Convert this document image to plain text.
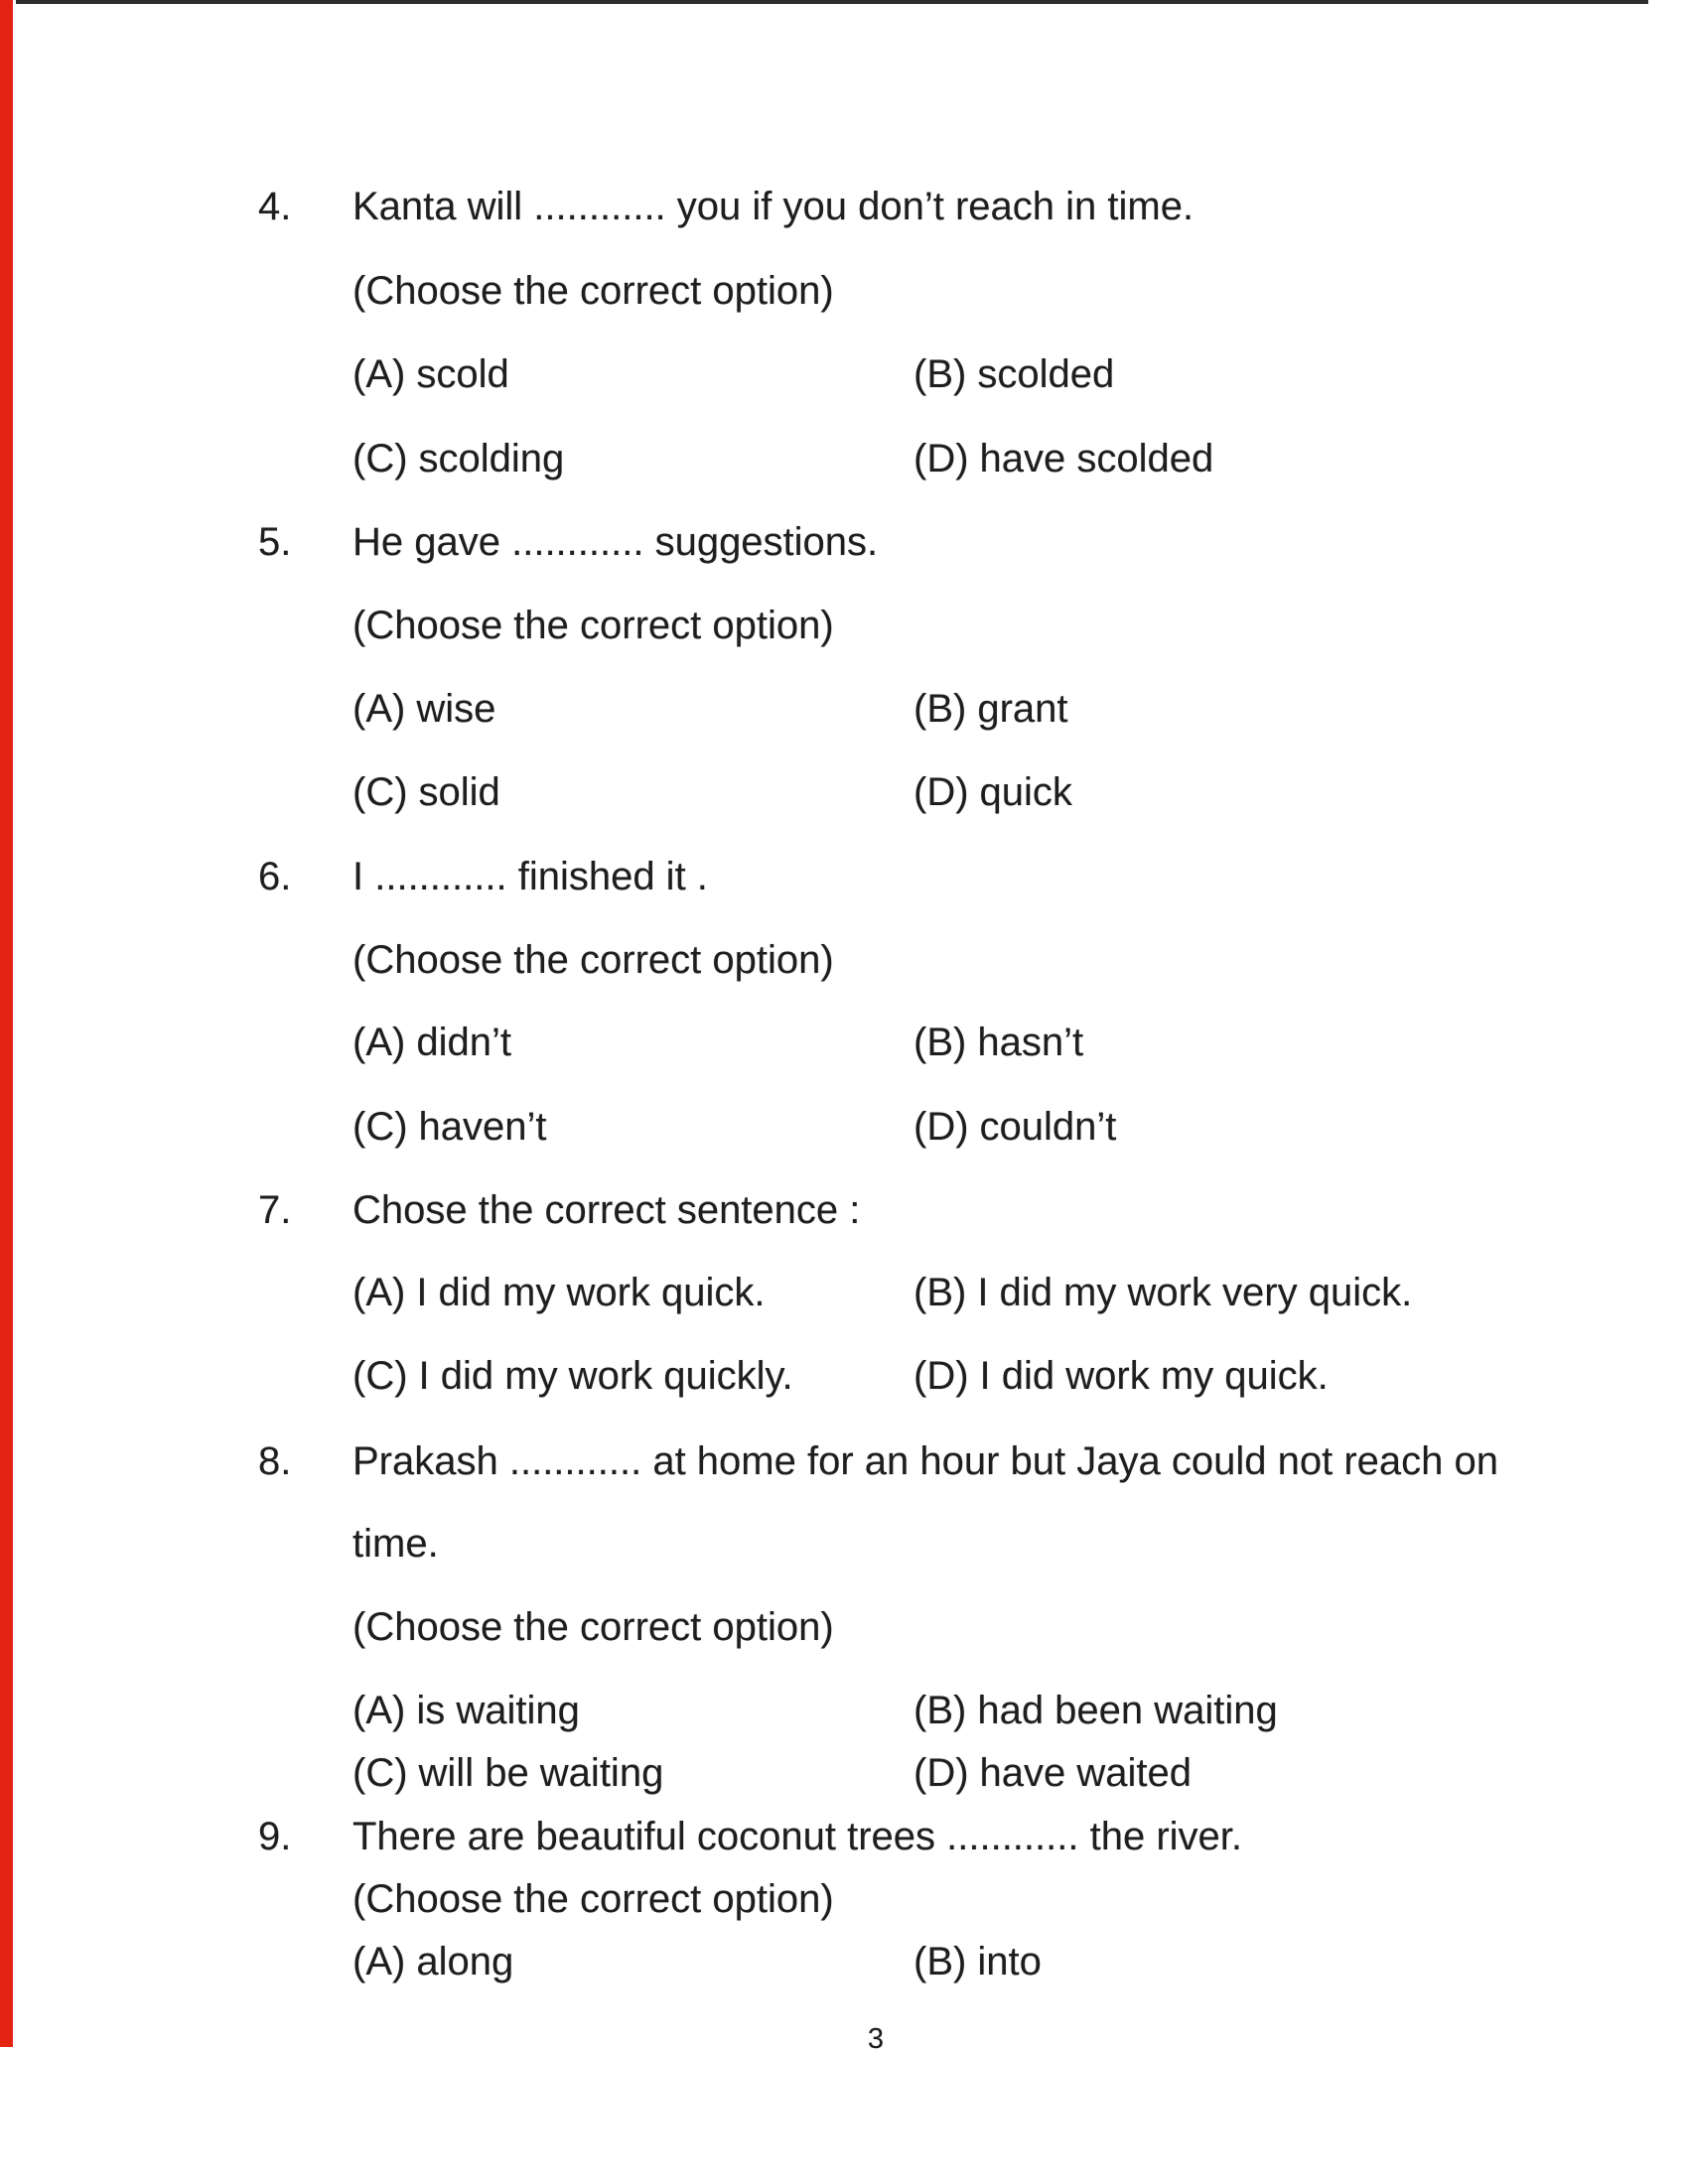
4. Kanta will ............ you if you don’t reach in time.
(Choose the correct option)
(A) scold	(B) scolded
(C) scolding	(D) have scolded
5. He gave ............ suggestions.
(Choose the correct option)
(A) wise	(B) grant
(C) solid	(D) quick
6. I ............ finished it .
(Choose the correct option)
(A) didn’t	(B) hasn’t
(C) haven’t	(D) couldn’t
7. Chose the correct sentence :
(A) I did my work quick.	(B) I did my work very quick.
(C) I did my work quickly.	(D) I did work my quick.
8. Prakash ............ at home for an hour but Jaya could not reach on
time.
(Choose the correct option)
(A) is waiting	(B) had been waiting
(C) will be waiting	(D) have waited
9. There are beautiful coconut trees ............ the river.
(Choose the correct option)
(A) along	(B) into
3
